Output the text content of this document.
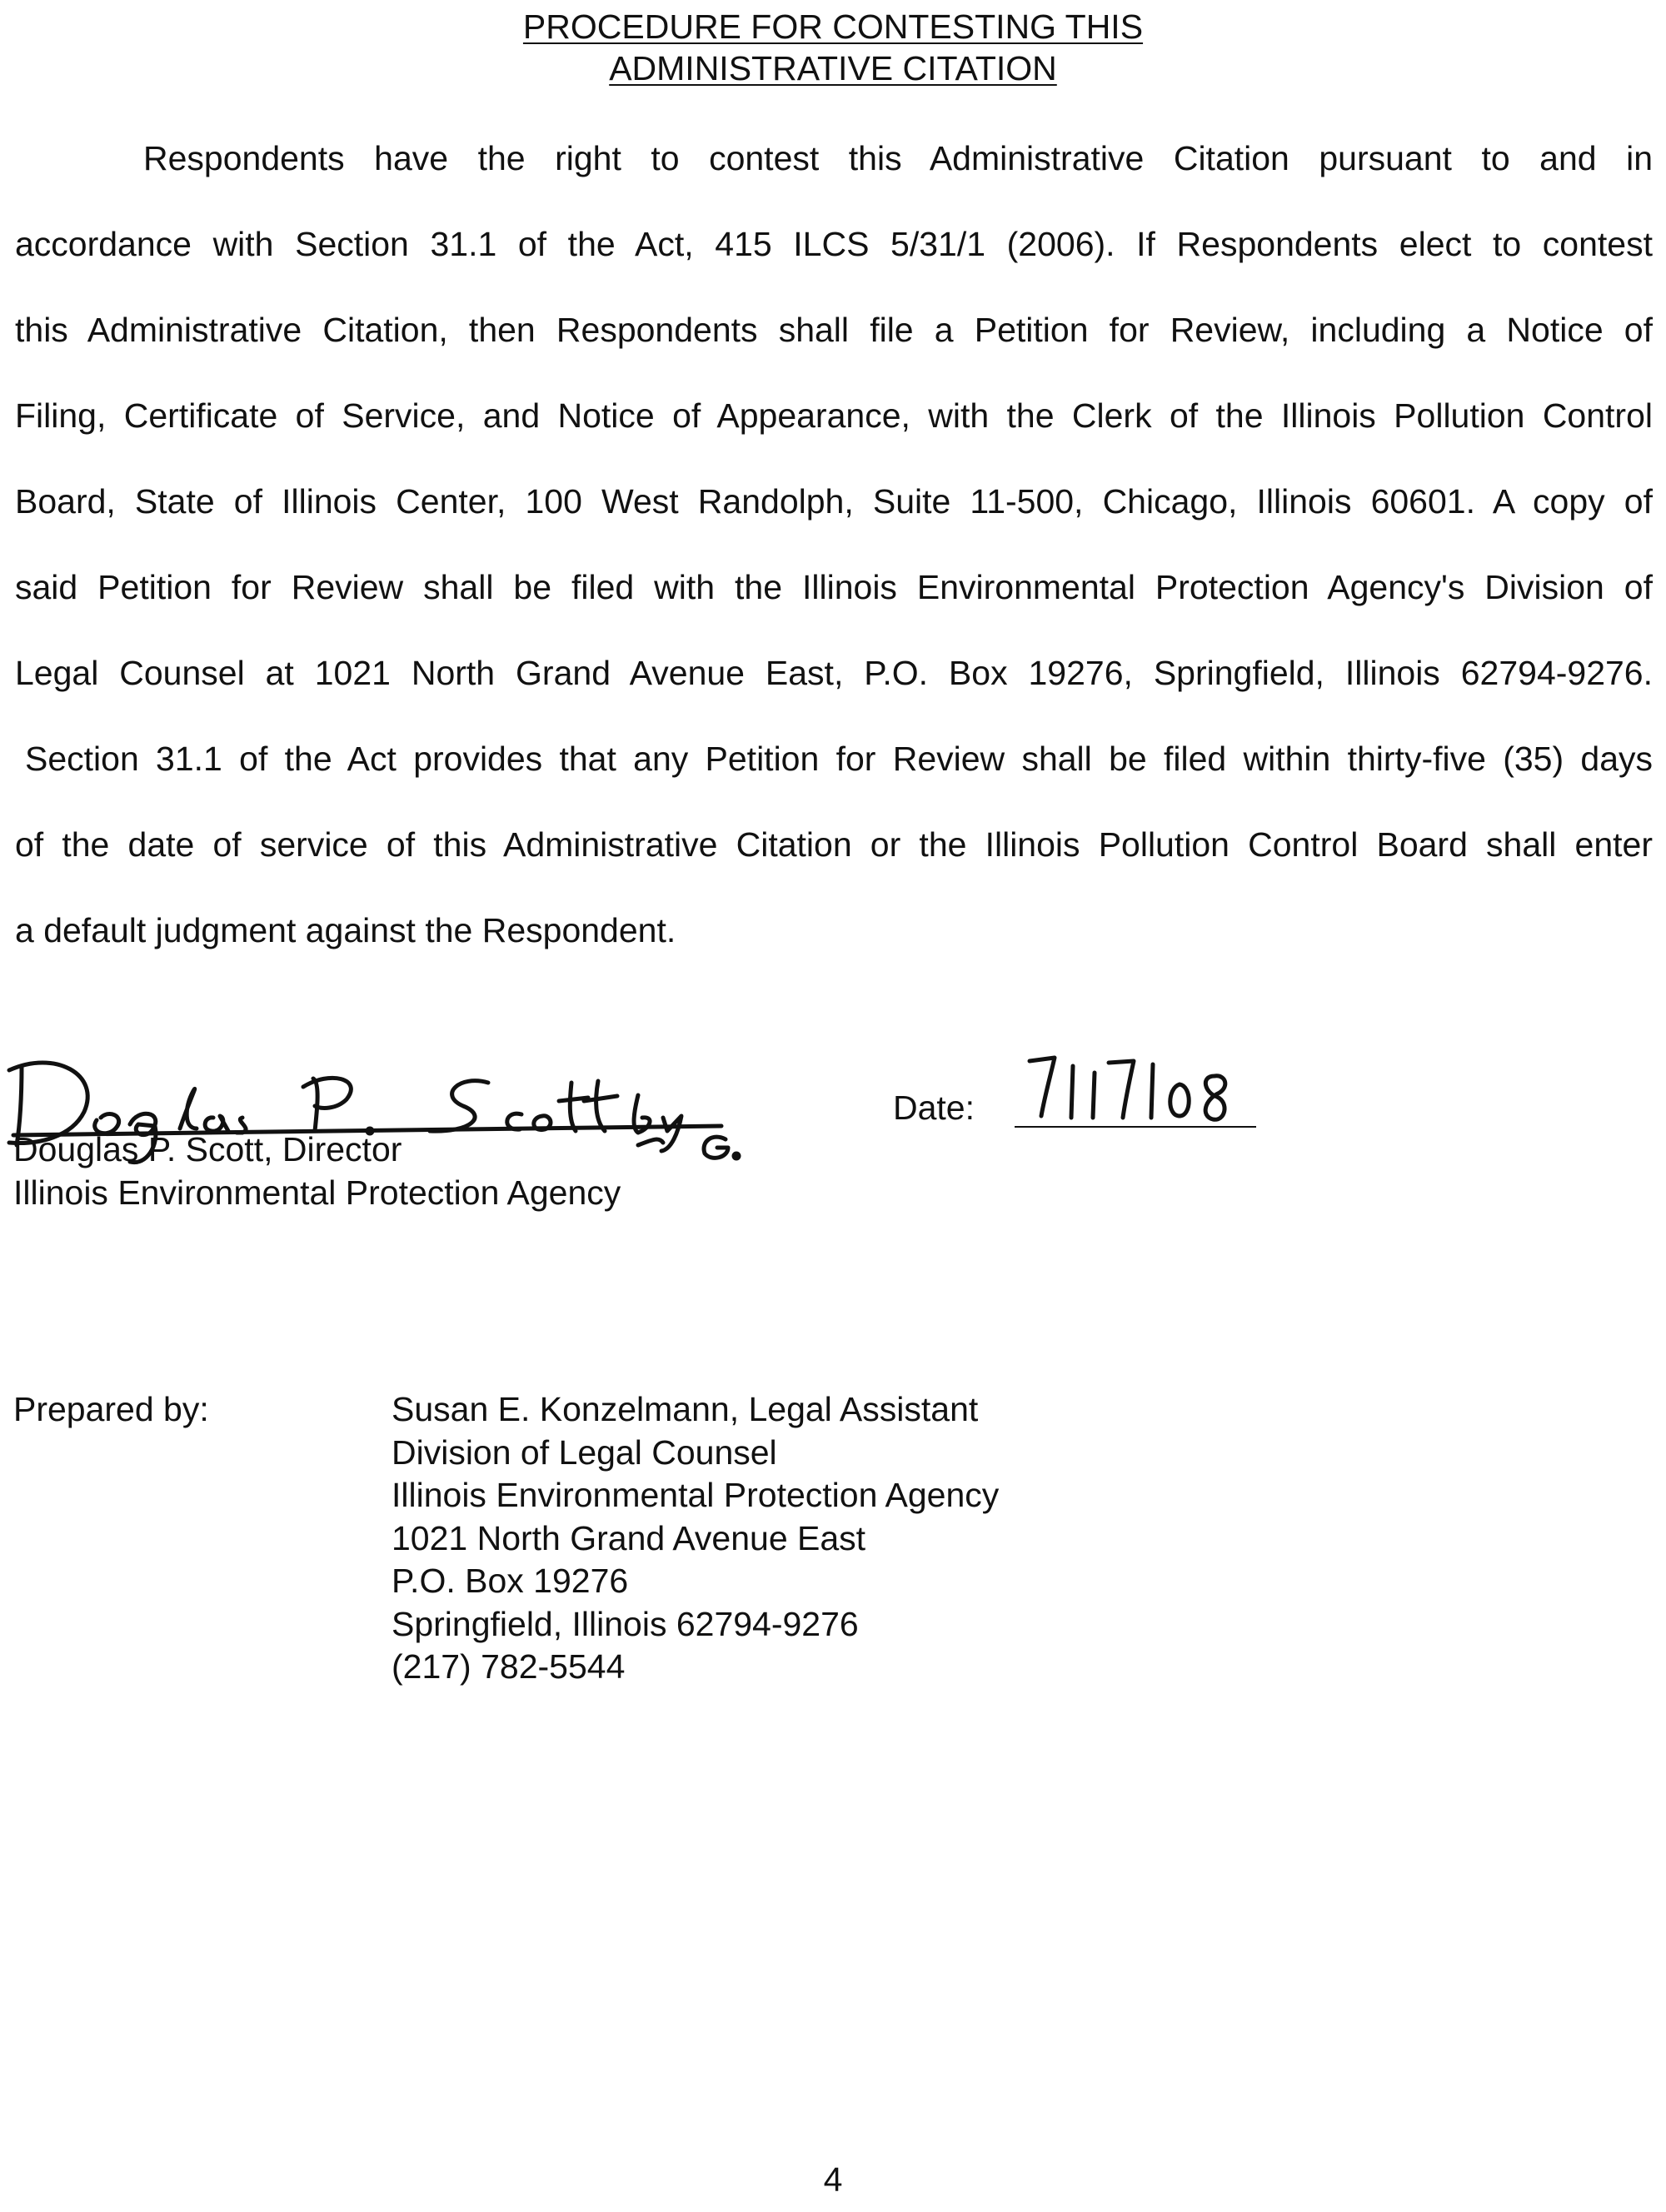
PROCEDURE FOR CONTESTING THIS
ADMINISTRATIVE CITATION
Respondents have the right to contest this Administrative Citation pursuant to and in
accordance with Section 31.1 of the Act, 415 ILCS 5/31/1 (2006). If Respondents elect to contest
this Administrative Citation, then Respondents shall file a Petition for Review, including a Notice of
Filing, Certificate of Service, and Notice of Appearance, with the Clerk of the Illinois Pollution Control
Board, State of Illinois Center, 100 West Randolph, Suite 11-500, Chicago, Illinois 60601. A copy of
said Petition for Review shall be filed with the Illinois Environmental Protection Agency's Division of
Legal Counsel at 1021 North Grand Avenue East, P.O. Box 19276, Springfield, Illinois 62794-9276.
Section 31.1 of the Act provides that any Petition for Review shall be filed within thirty-five (35) days
of the date of service of this Administrative Citation or the Illinois Pollution Control Board shall enter
a default judgment against the Respondent.
Douglas P. Scott, Director
Illinois Environmental Protection Agency
Date:
Prepared by:	Susan E. Konzelmann, Legal Assistant
Division of Legal Counsel
Illinois Environmental Protection Agency
1021 North Grand Avenue East
P.O. Box 19276
Springfield, Illinois 62794-9276
(217) 782-5544
4
